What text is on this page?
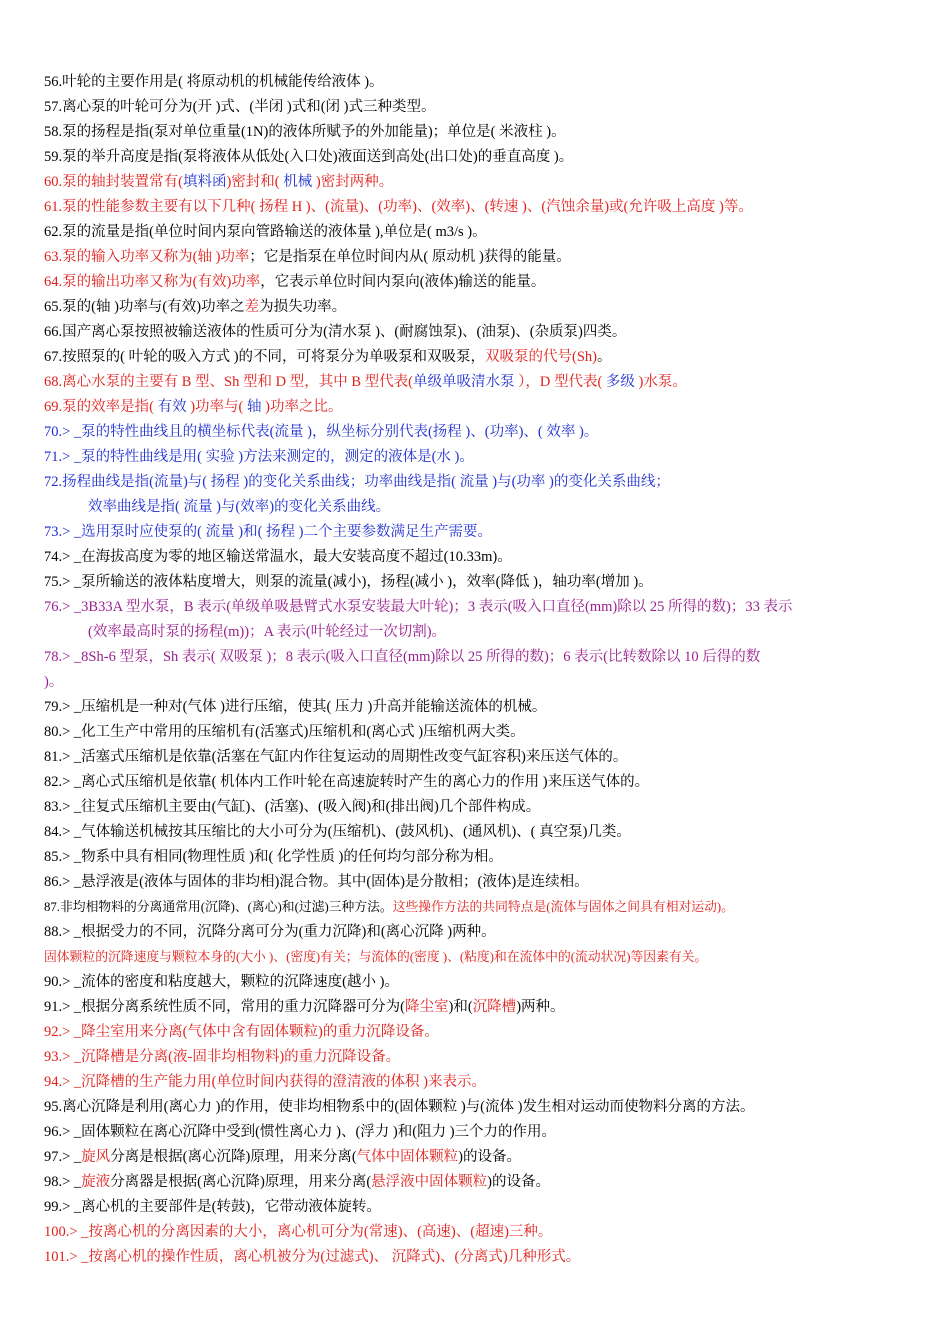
56.叶轮的主要作用是( 将原动机的机械能传给液体 )。
57.离心泵的叶轮可分为(开 )式、(半闭 )式和(闭 )式三种类型。
58.泵的扬程是指(泵对单位重量(1N)的液体所赋予的外加能量)；单位是( 米液柱 )。
59.泵的举升高度是指(泵将液体从低处(入口处)液面送到高处(出口处)的垂直高度 )。
60.泵的轴封装置常有(填料函)密封和( 机械 )密封两种。
61.泵的性能参数主要有以下几种( 扬程 H )、(流量)、(功率)、(效率)、(转速 )、(汽蚀余量)或(允许吸上高度 )等。
62.泵的流量是指(单位时间内泵向管路输送的液体量 ),单位是( m3/s )。
63.泵的输入功率又称为(轴 )功率；它是指泵在单位时间内从( 原动机 )获得的能量。
64.泵的输出功率又称为(有效)功率，它表示单位时间内泵向(液体)输送的能量。
65.泵的(轴 )功率与(有效)功率之差为损失功率。
66.国产离心泵按照被输送液体的性质可分为(清水泵 )、(耐腐蚀泵)、(油泵)、(杂质泵)四类。
67.按照泵的( 叶轮的吸入方式 )的不同，可将泵分为单吸泵和双吸泵，双吸泵的代号(Sh)。
68.离心水泵的主要有 B 型、Sh 型和 D 型，其中 B 型代表(单级单吸清水泵 ），D 型代表( 多级 )水泵。
69.泵的效率是指( 有效 )功率与( 轴 )功率之比。
70.> _泵的特性曲线且的横坐标代表(流量 )，纵坐标分别代表(扬程 )、(功率)、( 效率 )。
71.> _泵的特性曲线是用( 实验 )方法来测定的，测定的液体是(水 )。
72.扬程曲线是指(流量)与( 扬程 )的变化关系曲线；功率曲线是指( 流量 )与(功率 )的变化关系曲线；
效率曲线是指( 流量 )与(效率)的变化关系曲线。
73.> _选用泵时应使泵的( 流量 )和( 扬程 )二个主要参数满足生产需要。
74.> _在海拔高度为零的地区输送常温水，最大安装高度不超过(10.33m)。
75.> _泵所输送的液体粘度增大，则泵的流量(减小)，扬程(减小 )，效率(降低 )，轴功率(增加 )。
76.> _3B33A 型水泵，B 表示(单级单吸悬臂式水泵安装最大叶轮)；3 表示(吸入口直径(mm)除以 25 所得的数)；33 表示
(效率最高时泵的扬程(m))；A 表示(叶轮经过一次切割)。
78.> _8Sh-6 型泵，Sh 表示( 双吸泵 )；8 表示(吸入口直径(mm)除以 25 所得的数)；6 表示(比转数除以 10 后得的数
)。
79.> _压缩机是一种对(气体 )进行压缩，使其( 压力 )升高并能输送流体的机械。
80.> _化工生产中常用的压缩机有(活塞式)压缩机和(离心式 )压缩机两大类。
81.> _活塞式压缩机是依靠(活塞在气缸内作往复运动的周期性改变气缸容积)来压送气体的。
82.> _离心式压缩机是依靠( 机体内工作叶轮在高速旋转时产生的离心力的作用 )来压送气体的。
83.> _往复式压缩机主要由(气缸)、(活塞)、(吸入阀)和(排出阀)几个部件构成。
84.> _气体输送机械按其压缩比的大小可分为(压缩机)、(鼓风机)、(通风机)、( 真空泵)几类。
85.> _物系中具有相同(物理性质 )和( 化学性质 )的任何均匀部分称为相。
86.> _悬浮液是(液体与固体的非均相)混合物。其中(固体)是分散相；(液体)是连续相。
87.非均相物料的分离通常用(沉降)、(离心)和(过滤)三种方法。这些操作方法的共同特点是(流体与固体之间具有相对运动)。
88.> _根据受力的不同，沉降分离可分为(重力沉降)和(离心沉降 )两种。
固体颗粒的沉降速度与颗粒本身的(大小 )、(密度)有关；与流体的(密度 )、(粘度)和在流体中的(流动状况)等因素有关。
90.> _流体的密度和粘度越大，颗粒的沉降速度(越小 )。
91.> _根据分离系统性质不同，常用的重力沉降器可分为(降尘室)和(沉降槽)两种。
92.> _降尘室用来分离(气体中含有固体颗粒)的重力沉降设备。
93.> _沉降槽是分离(液-固非均相物料)的重力沉降设备。
94.> _沉降槽的生产能力用(单位时间内获得的澄清液的体积 )来表示。
95.离心沉降是利用(离心力 )的作用，使非均相物系中的(固体颗粒 )与(流体 )发生相对运动而使物料分离的方法。
96.> _固体颗粒在离心沉降中受到(惯性离心力 )、(浮力 )和(阻力 )三个力的作用。
97.> _旋风分离是根据(离心沉降)原理，用来分离(气体中固体颗粒)的设备。
98.> _旋液分离器是根据(离心沉降)原理，用来分离(悬浮液中固体颗粒)的设备。
99.> _离心机的主要部件是(转鼓)，它带动液体旋转。
100.> _按离心机的分离因素的大小，离心机可分为(常速)、(高速)、(超速)三种。
101.> _按离心机的操作性质，离心机被分为(过滤式)、 沉降式)、(分离式)几种形式。
